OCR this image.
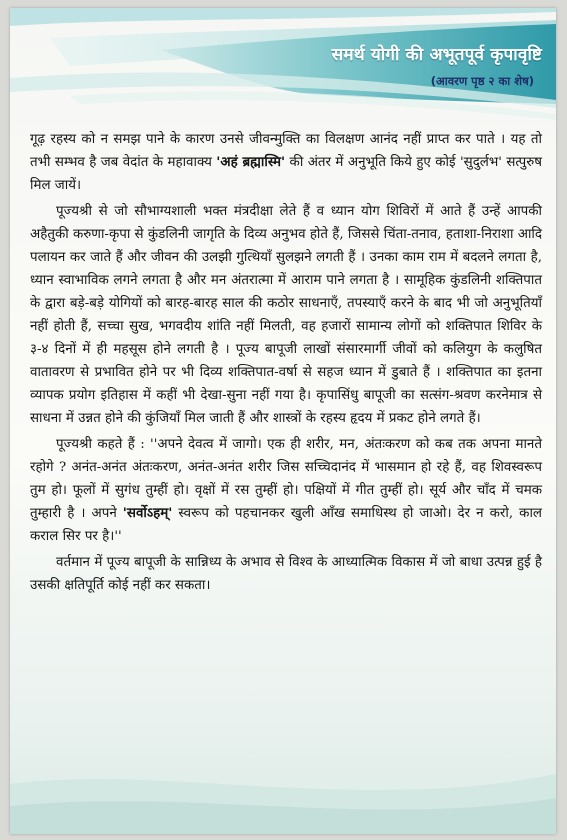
समर्थ योगी की अभूतपूर्व कृपावृष्टि
(आवरण पृष्ठ २ का शेष)

गूढ़ रहस्य को न समझ पाने के कारण उनसे जीवन्मुक्ति का विलक्षण आनंद नहीं प्राप्त कर पाते । यह तो तभी सम्भव है जब वेदांत के महावाक्य 'अहं ब्रह्मास्मि' की अंतर में अनुभूति किये हुए कोई 'सुदुर्लभ' सत्पुरुष मिल जायें।

पूज्यश्री से जो सौभाग्यशाली भक्त मंत्रदीक्षा लेते हैं व ध्यान योग शिविरों में आते हैं उन्हें आपकी अहैतुकी करुणा-कृपा से कुंडलिनी जागृति के दिव्य अनुभव होते हैं, जिससे चिंता-तनाव, हताशा-निराशा आदि पलायन कर जाते हैं और जीवन की उलझी गुत्थियाँ सुलझने लगती हैं । उनका काम राम में बदलने लगता है, ध्यान स्वाभाविक लगने लगता है और मन अंतरात्मा में आराम पाने लगता है । सामूहिक कुंडलिनी शक्तिपात के द्वारा बड़े-बड़े योगियों को बारह-बारह साल की कठोर साधनाएँ, तपस्याएँ करने के बाद भी जो अनुभूतियाँ नहीं होती हैं, सच्चा सुख, भगवदीय शांति नहीं मिलती, वह हजारों सामान्य लोगों को शक्तिपात शिविर के ३-४ दिनों में ही महसूस होने लगती है । पूज्य बापूजी लाखों संसारमार्गी जीवों को कलियुग के कलुषित वातावरण से प्रभावित होने पर भी दिव्य शक्तिपात-वर्षा से सहज ध्यान में डुबाते हैं । शक्तिपात का इतना व्यापक प्रयोग इतिहास में कहीं भी देखा-सुना नहीं गया है। कृपासिंधु बापूजी का सत्संग-श्रवण करनेमात्र से साधना में उन्नत होने की कुंजियाँ मिल जाती हैं और शास्त्रों के रहस्य हृदय में प्रकट होने लगते हैं।

पूज्यश्री कहते हैं : ''अपने देवत्व में जागो। एक ही शरीर, मन, अंतःकरण को कब तक अपना मानते रहोगे ? अनंत-अनंत अंतःकरण, अनंत-अनंत शरीर जिस सच्चिदानंद में भासमान हो रहे हैं, वह शिवस्वरूप तुम हो। फूलों में सुगंध तुम्हीं हो। वृक्षों में रस तुम्हीं हो। पक्षियों में गीत तुम्हीं हो। सूर्य और चाँद में चमक तुम्हारी है । अपने 'सर्वोऽहम्' स्वरूप को पहचानकर खुली आँख समाधिस्थ हो जाओ। देर न करो, काल कराल सिर पर है।''

वर्तमान में पूज्य बापूजी के सान्निध्य के अभाव से विश्व के आध्यात्मिक विकास में जो बाधा उत्पन्न हुई है उसकी क्षतिपूर्ति कोई नहीं कर सकता।
